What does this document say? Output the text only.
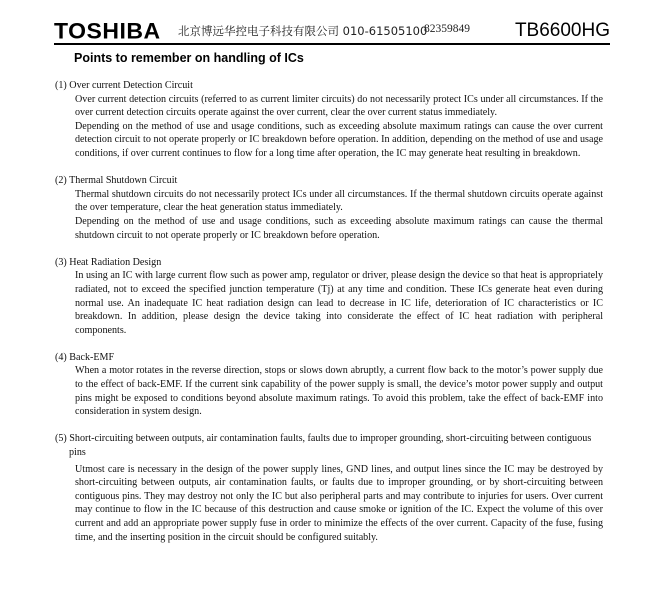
TOSHIBA 北京博远华控电子科技有限公司 010-61505100
82359849 TB6600HG
Points to remember on handling of ICs

(1) Over current Detection Circuit

Over current detection circuits (referred to as current limiter circuits) do not necessarily protect ICs under all circumstances. If the over current detection circuits operate against the over current, clear the over current status immediately.

Depending on the method of use and usage conditions, such as exceeding absolute maximum ratings can cause the over current detection circuit to not operate properly or IC breakdown before operation. In addition, depending on the method of use and usage conditions, if over current continues to flow for a long time after operation, the IC may generate heat resulting in breakdown.

(2) Thermal Shutdown Circuit

Thermal shutdown circuits do not necessarily protect ICs under all circumstances. If the thermal shutdown circuits operate against the over temperature, clear the heat generation status immediately.

Depending on the method of use and usage conditions, such as exceeding absolute maximum ratings can cause the thermal shutdown circuit to not operate properly or IC breakdown before operation.

(3) Heat Radiation Design

In using an IC with large current flow such as power amp, regulator or driver, please design the device so that heat is appropriately radiated, not to exceed the specified junction temperature (Tj) at any time and condition. These ICs generate heat even during normal use. An inadequate IC heat radiation design can lead to decrease in IC life, deterioration of IC characteristics or IC breakdown. In addition, please design the device taking into considerate the effect of IC heat radiation with peripheral components.

(4) Back-EMF

When a motor rotates in the reverse direction, stops or slows down abruptly, a current flow back to the motor’s power supply due to the effect of back-EMF. If the current sink capability of the power supply is small, the device’s motor power supply and output pins might be exposed to conditions beyond absolute maximum ratings. To avoid this problem, take the effect of back-EMF into consideration in system design.

(5) Short-circuiting between outputs, air contamination faults, faults due to improper grounding, short-circuiting between contiguous pins

Utmost care is necessary in the design of the power supply lines, GND lines, and output lines since the IC may be destroyed by short-circuiting between outputs, air contamination faults, or faults due to improper grounding, or by short-circuiting between contiguous pins. They may destroy not only the IC but also peripheral parts and may contribute to injuries for users. Over current may continue to flow in the IC because of this destruction and cause smoke or ignition of the IC. Expect the volume of this over current and add an appropriate power supply fuse in order to minimize the effects of the over current. Capacity of the fuse, fusing time, and the inserting position in the circuit should be configured suitably.
